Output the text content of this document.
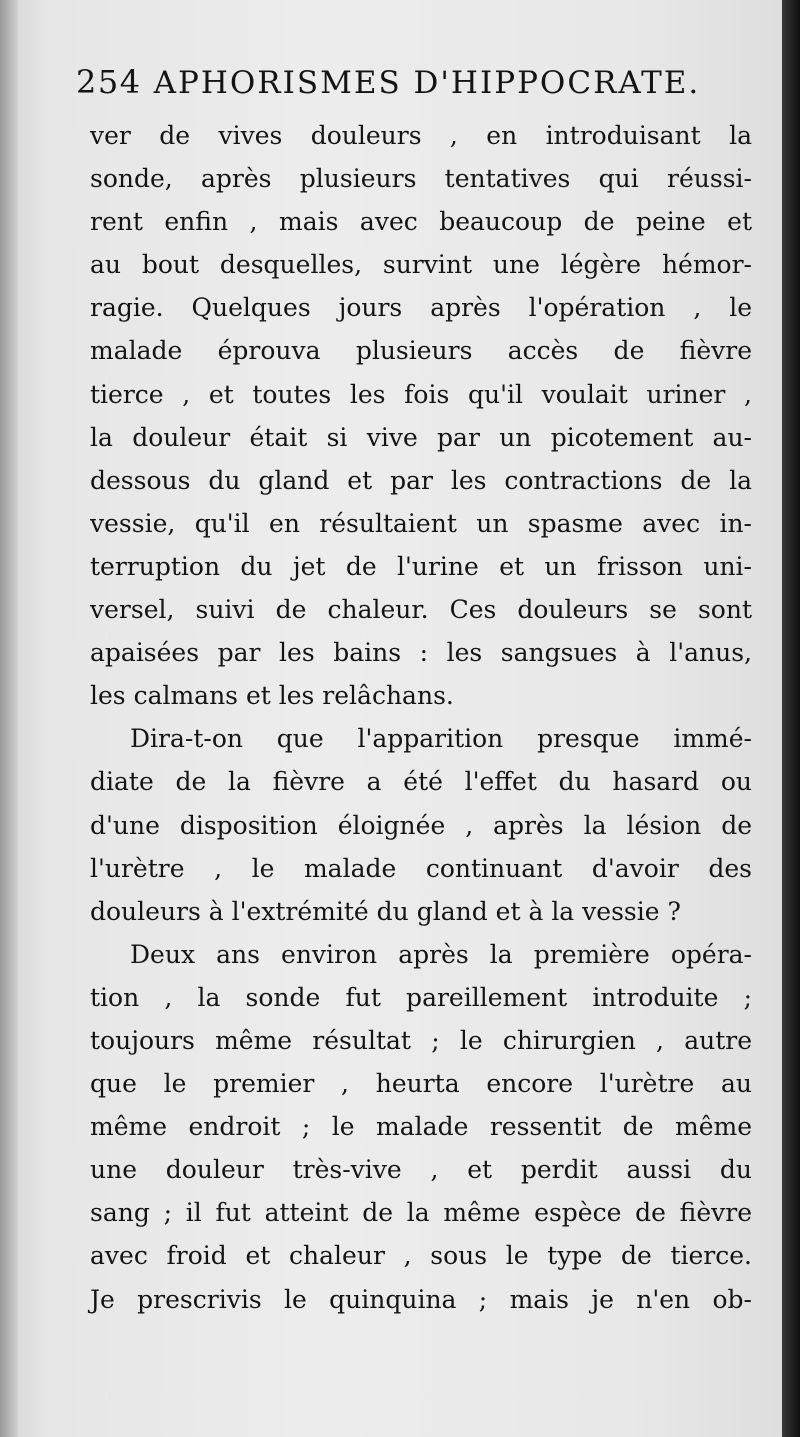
254 APHORISMES D'HIPPOCRATE.
ver de vives douleurs , en introduisant la
sonde, après plusieurs tentatives qui réussi-
rent enfin , mais avec beaucoup de peine et
au bout desquelles, survint une légère hémor-
ragie. Quelques jours après l'opération , le
malade éprouva plusieurs accès de fièvre
tierce , et toutes les fois qu'il voulait uriner ,
la douleur était si vive par un picotement au-
dessous du gland et par les contractions de la
vessie, qu'il en résultaient un spasme avec in-
terruption du jet de l'urine et un frisson uni-
versel, suivi de chaleur. Ces douleurs se sont
apaisées par les bains : les sangsues à l'anus,
les calmans et les relâchans.
Dira-t-on que l'apparition presque immé-
diate de la fièvre a été l'effet du hasard ou
d'une disposition éloignée , après la lésion de
l'urètre , le malade continuant d'avoir des
douleurs à l'extrémité du gland et à la vessie ?
Deux ans environ après la première opéra-
tion , la sonde fut pareillement introduite ;
toujours même résultat ; le chirurgien , autre
que le premier , heurta encore l'urètre au
même endroit ; le malade ressentit de même
une douleur très-vive , et perdit aussi du
sang ; il fut atteint de la même espèce de fièvre
avec froid et chaleur , sous le type de tierce.
Je prescrivis le quinquina ; mais je n'en ob-
